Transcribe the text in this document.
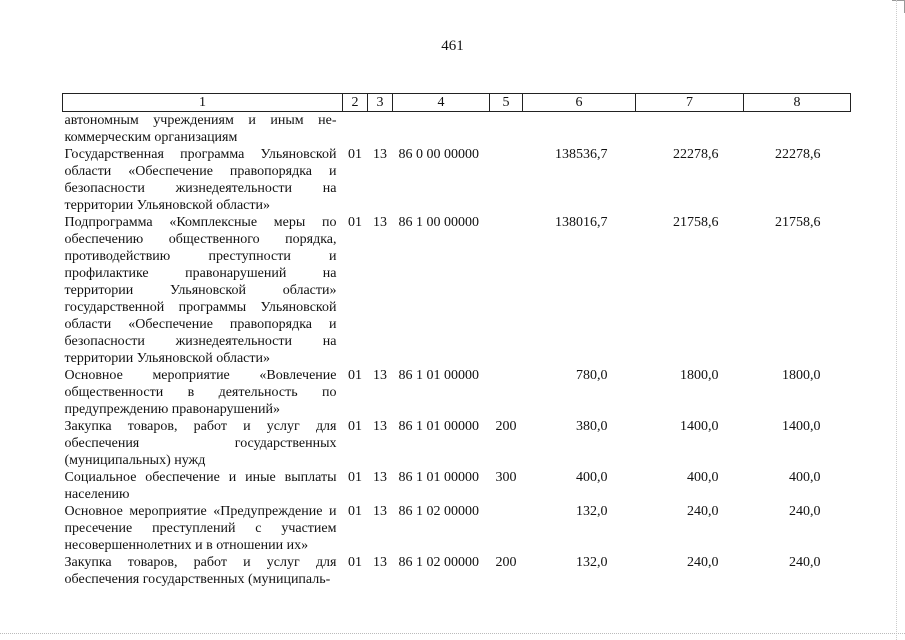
461
1	2	3	4	5	6	7	8
автономным учреждениям и иным не-коммерческим организациям							
Государственная программа Ульяновской области «Обеспечение правопорядка и безопасности жизнедеятельности на территории Ульяновской области»	01	13	86 0 00 00000		138536,7	22278,6	22278,6
Подпрограмма «Комплексные меры по обеспечению общественного порядка, противодействию преступности и профилактике правонарушений на территории Ульяновской области» государственной программы Ульяновской области «Обеспечение правопорядка и безопасности жизнедеятельности на территории Ульяновской области»	01	13	86 1 00 00000		138016,7	21758,6	21758,6
Основное мероприятие «Вовлечение общественности в деятельность по предупреждению правонарушений»	01	13	86 1 01 00000		780,0	1800,0	1800,0
Закупка товаров, работ и услуг для обеспечения государственных (муниципальных) нужд	01	13	86 1 01 00000	200	380,0	1400,0	1400,0
Социальное обеспечение и иные выплаты населению	01	13	86 1 01 00000	300	400,0	400,0	400,0
Основное мероприятие «Предупреждение и пресечение преступлений с участием несовершеннолетних и в отношении их»	01	13	86 1 02 00000		132,0	240,0	240,0
Закупка товаров, работ и услуг для обеспечения государственных (муниципаль-	01	13	86 1 02 00000	200	132,0	240,0	240,0
